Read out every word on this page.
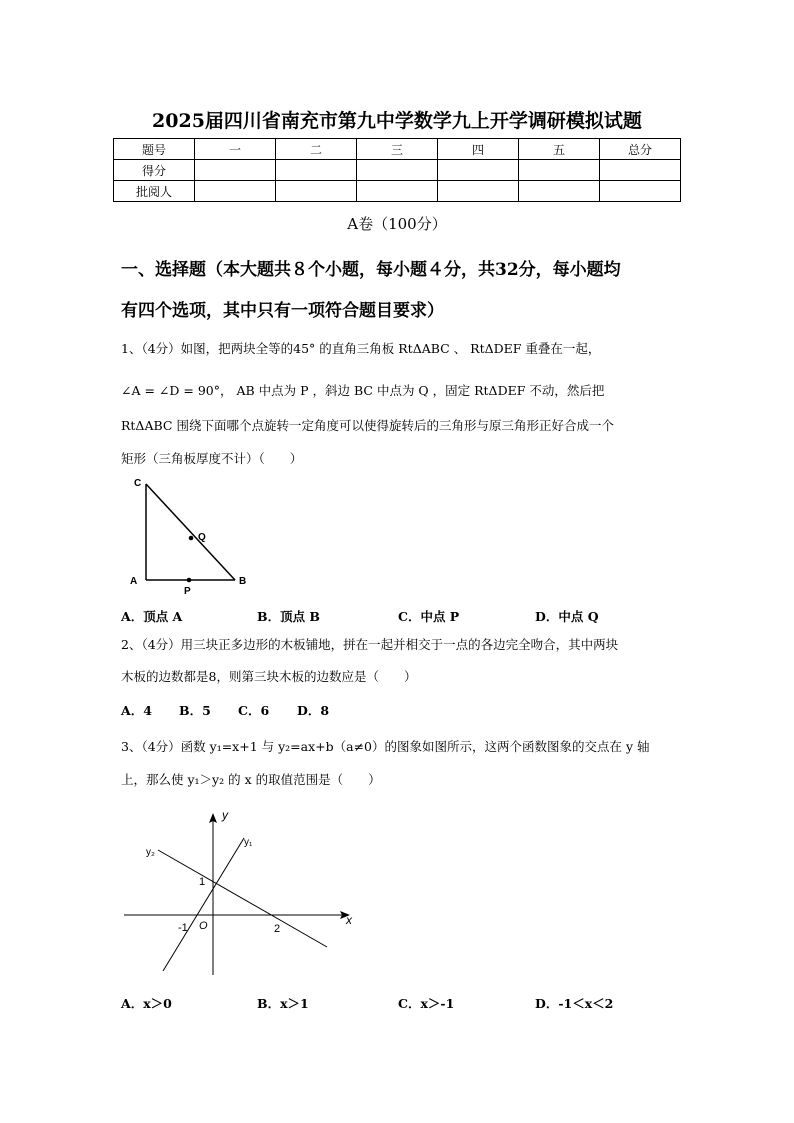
2025届四川省南充市第九中学数学九上开学调研模拟试题
题号	一	二	三	四	五	总分
得分						
批阅人						
A卷（100分）
一、选择题（本大题共８个小题，每小题４分，共32分，每小题均
有四个选项，其中只有一项符合题目要求）
1、（4分）如图，把两块全等的45° 的直角三角板 RtΔABC 、 RtΔDEF 重叠在一起，
∠A = ∠D = 90°， AB 中点为 P ，斜边 BC 中点为 Q ，固定 RtΔDEF 不动，然后把
RtΔABC 围绕下面哪个点旋转一定角度可以使得旋转后的三角形与原三角形正好合成一个
矩形（三角板厚度不计）（　　）
C
Q
A
P
B
A．顶点 A	B．顶点 B	C．中点 P	D．中点 Q
2、（4分）用三块正多边形的木板铺地，拼在一起并相交于一点的各边完全吻合，其中两块
木板的边数都是8，则第三块木板的边数应是（　　）
A．4 B．5 C．6 D．8
3、（4分）函数 y₁=x+1 与 y₂=ax+b（a≠0）的图象如图所示，这两个函数图象的交点在 y 轴
上，那么使 y₁＞y₂ 的 x 的取值范围是（　　）
y
x
y₁
y₂
1
-1 O	2
A．x＞0	B．x＞1	C．x＞-1	D．-1＜x＜2
